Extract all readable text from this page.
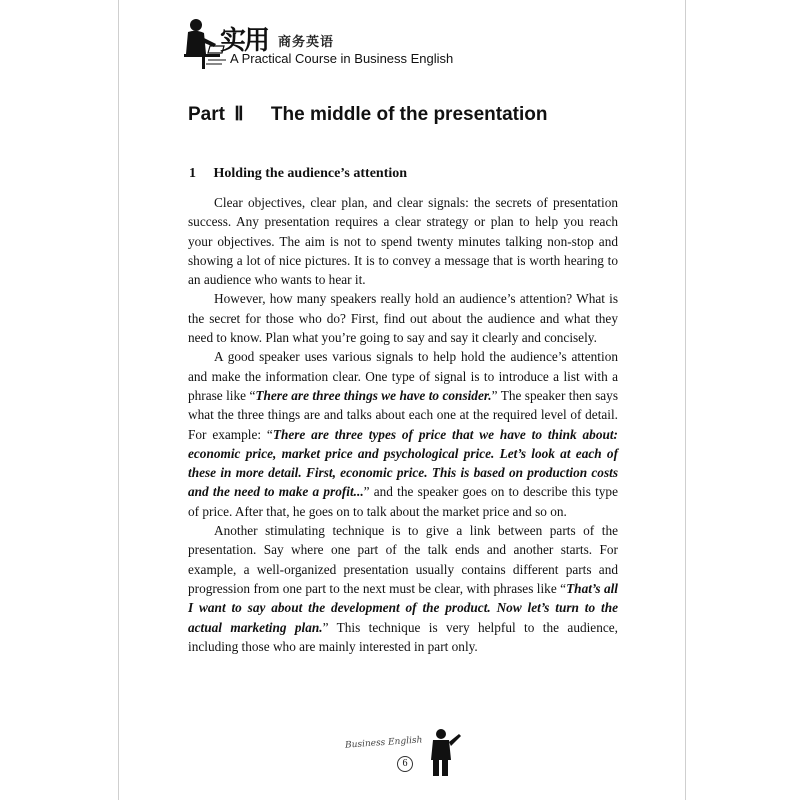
实用 商务英语
A Practical Course in Business English
Part Ⅱ The middle of the presentation
1 Holding the audience’s attention

Clear objectives, clear plan, and clear signals: the secrets of presentation success. Any presentation requires a clear strategy or plan to help you reach your objectives. The aim is not to spend twenty minutes talking non-stop and showing a lot of nice pictures. It is to convey a message that is worth hearing to an audience who wants to hear it.

However, how many speakers really hold an audience’s attention? What is the secret for those who do? First, find out about the audience and what they need to know. Plan what you’re going to say and say it clearly and concisely.

A good speaker uses various signals to help hold the audience’s attention and make the information clear. One type of signal is to introduce a list with a phrase like “There are three things we have to consider.” The speaker then says what the three things are and talks about each one at the required level of detail. For example: “There are three types of price that we have to think about: economic price, market price and psychological price. Let’s look at each of these in more detail. First, economic price. This is based on production costs and the need to make a profit...” and the speaker goes on to describe this type of price. After that, he goes on to talk about the market price and so on.

Another stimulating technique is to give a link between parts of the presentation. Say where one part of the talk ends and another starts. For example, a well-organized presentation usually contains different parts and progression from one part to the next must be clear, with phrases like “That’s all I want to say about the development of the product. Now let’s turn to the actual marketing plan.” This technique is very helpful to the audience, including those who are mainly interested in part only.

Business English
6
